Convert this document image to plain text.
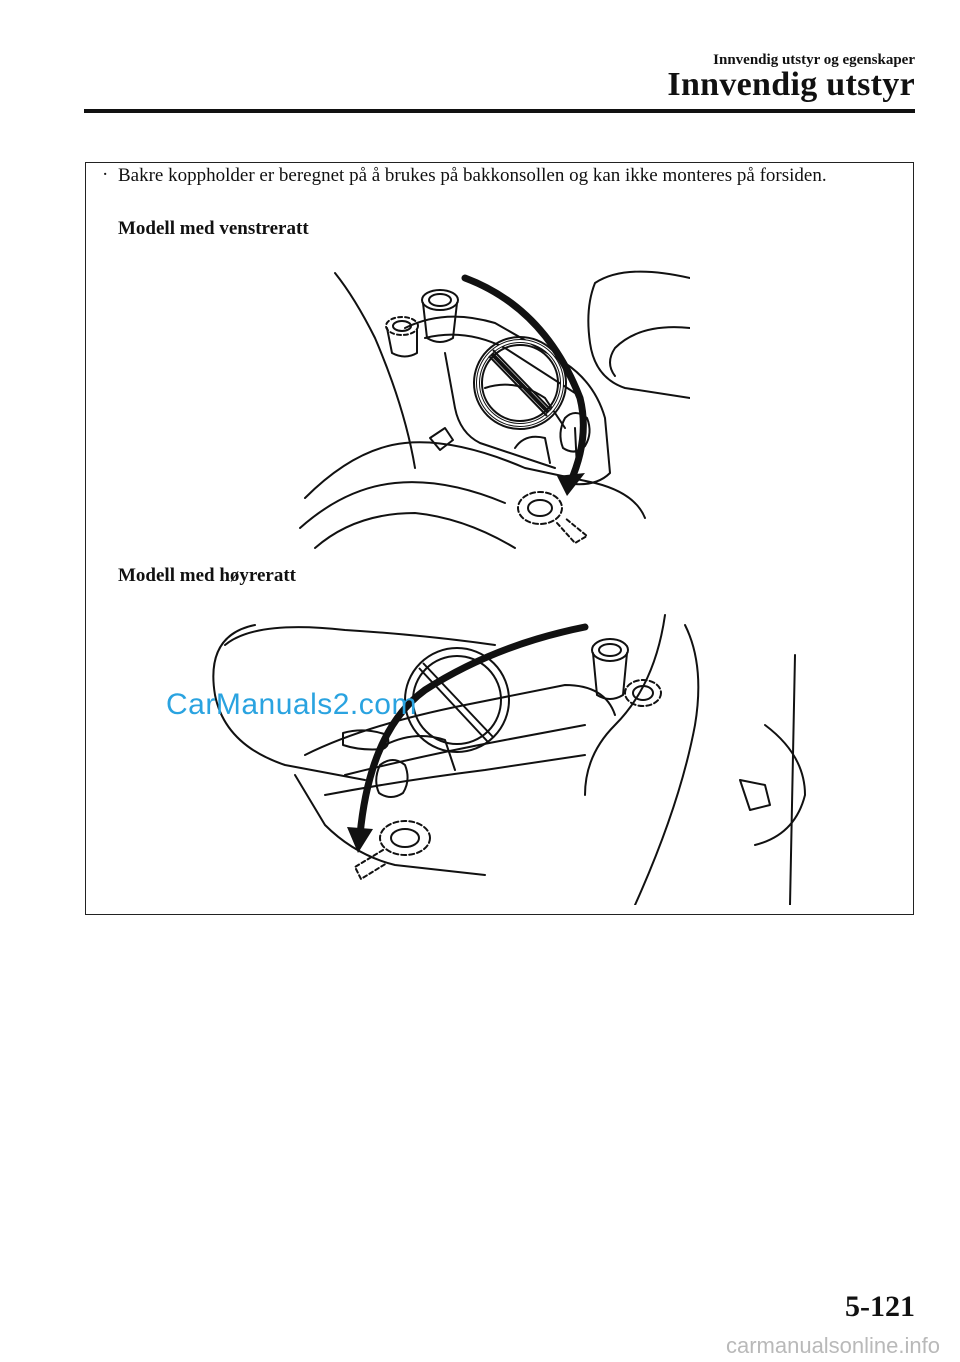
Innvendig utstyr og egenskaper
Innvendig utstyr
· Bakre koppholder er beregnet på å brukes på bakkonsollen og kan ikke monteres på forsiden.
Modell med venstreratt
Modell med høyreratt
CarManuals2.com
5-121
carmanualsonline.info
